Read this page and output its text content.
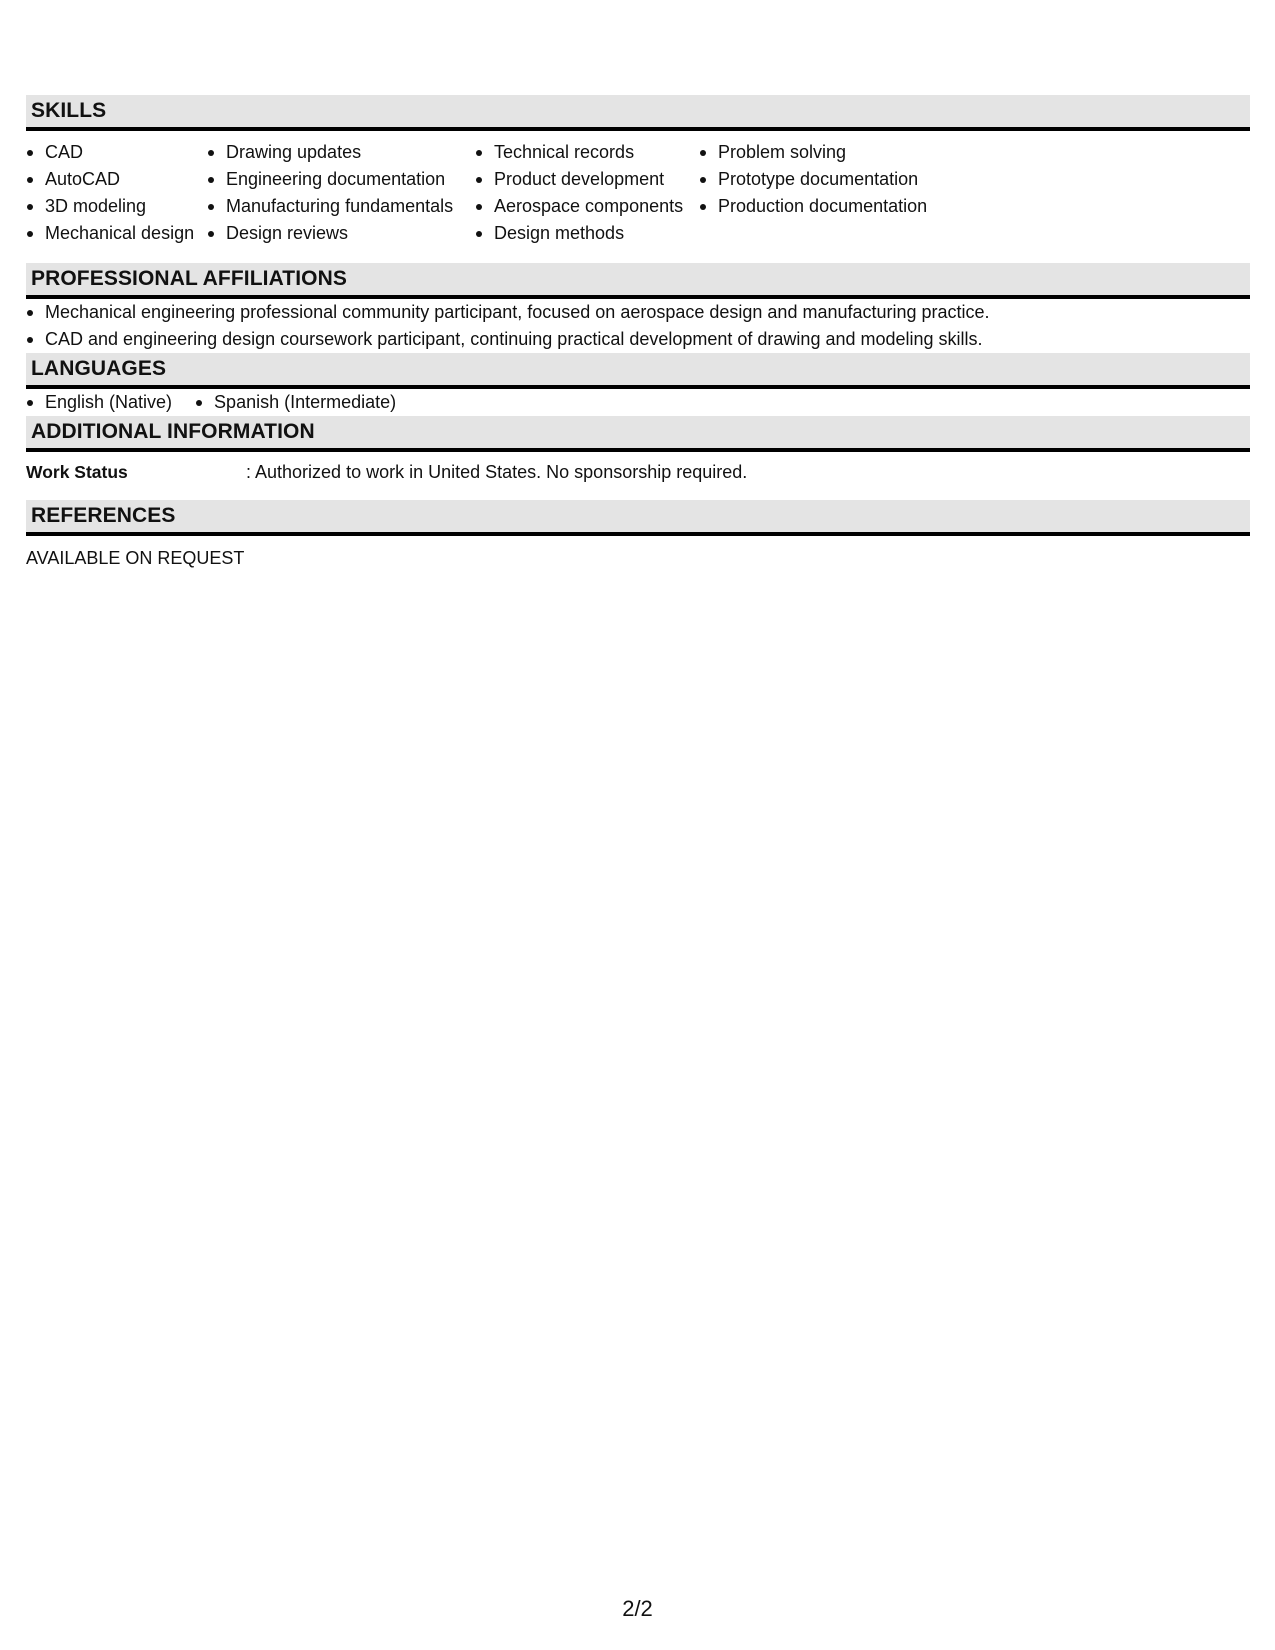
SKILLS
CAD
AutoCAD
3D modeling
Mechanical design
Drawing updates
Engineering documentation
Manufacturing fundamentals
Design reviews
Technical records
Product development
Aerospace components
Design methods
Problem solving
Prototype documentation
Production documentation
PROFESSIONAL AFFILIATIONS
Mechanical engineering professional community participant, focused on aerospace design and manufacturing practice.
CAD and engineering design coursework participant, continuing practical development of drawing and modeling skills.
LANGUAGES
English (Native)	Spanish (Intermediate)
ADDITIONAL INFORMATION
Work Status	: Authorized to work in United States. No sponsorship required.
REFERENCES
AVAILABLE ON REQUEST
2/2
